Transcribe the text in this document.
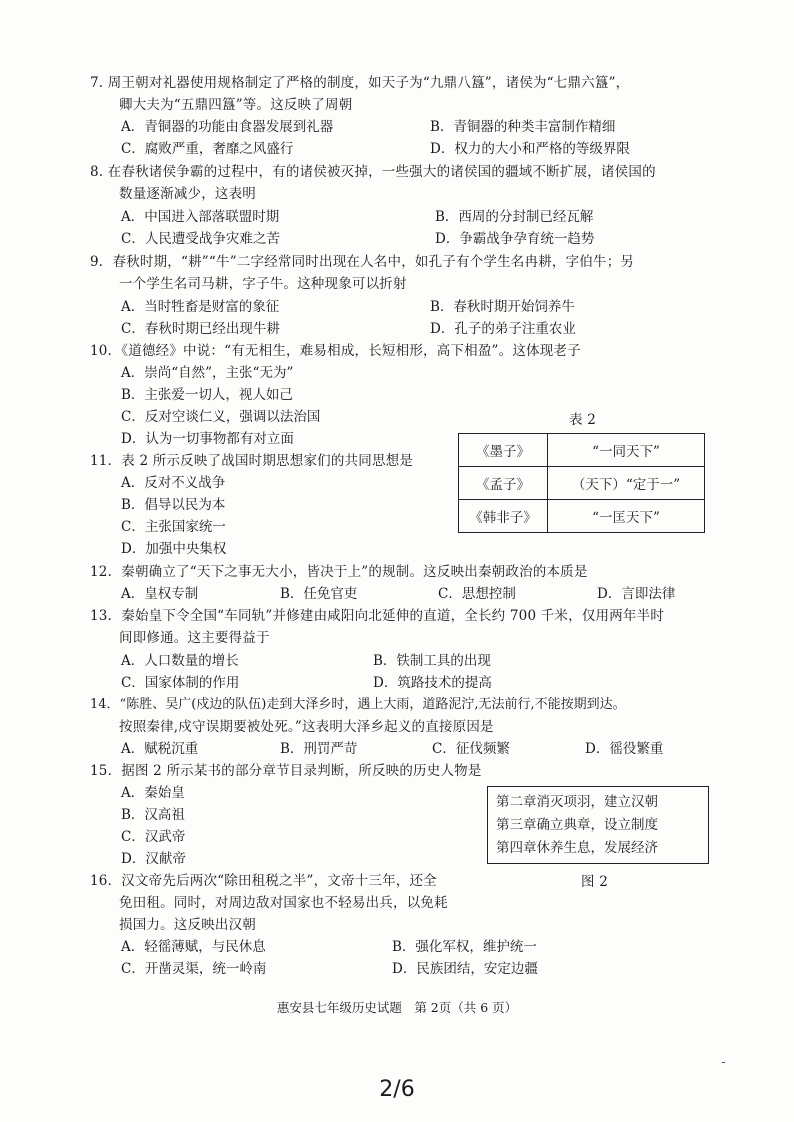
7. 周王朝对礼器使用规格制定了严格的制度，如天子为“九鼎八簋”，诸侯为“七鼎六簋”，
卿大夫为“五鼎四簋”等。这反映了周朝
A．青铜器的功能由食器发展到礼器	B．青铜器的种类丰富制作精细
C．腐败严重，奢靡之风盛行	D．权力的大小和严格的等级界限
8. 在春秋诸侯争霸的过程中，有的诸侯被灭掉，一些强大的诸侯国的疆域不断扩展，诸侯国的
数量逐渐减少，这表明
A．中国进入部落联盟时期	B．西周的分封制已经瓦解
C．人民遭受战争灾难之苦	D．争霸战争孕育统一趋势
9．春秋时期，“耕”“牛”二字经常同时出现在人名中，如孔子有个学生名冉耕，字伯牛；另
一个学生名司马耕，字子牛。这种现象可以折射
A．当时牲畜是财富的象征	B．春秋时期开始饲养牛
C．春秋时期已经出现牛耕	D．孔子的弟子注重农业
10．《道德经》中说：“有无相生，难易相成，长短相形，高下相盈”。这体现老子
A．崇尚“自然”，主张“无为”
B．主张爱一切人，视人如己
C．反对空谈仁义，强调以法治国
D．认为一切事物都有对立面
表 2
《墨子》	“一同天下”
《孟子》	（天下）“定于一”
《韩非子》	“一匡天下”
11．表 2 所示反映了战国时期思想家们的共同思想是
A．反对不义战争
B．倡导以民为本
C．主张国家统一
D．加强中央集权
12．秦朝确立了“天下之事无大小，皆决于上”的规制。这反映出秦朝政治的本质是
A．皇权专制	B．任免官吏	C．思想控制	D．言即法律
13．秦始皇下令全国“车同轨”并修建由咸阳向北延伸的直道，全长约 700 千米，仅用两年半时
间即修通。这主要得益于
A．人口数量的增长	B．铁制工具的出现
C．国家体制的作用	D．筑路技术的提高
14．“陈胜、吴广(戍边的队伍)走到大泽乡时，遇上大雨，道路泥泞,无法前行,不能按期到达。
按照秦律,戍守误期要被处死。”这表明大泽乡起义的直接原因是
A．赋税沉重	B．刑罚严苛	C．征伐频繁	D．徭役繁重
15．据图 2 所示某书的部分章节目录判断，所反映的历史人物是
A．秦始皇
B．汉高祖
C．汉武帝
D．汉献帝
第二章消灭项羽，建立汉朝
第三章确立典章，设立制度
第四章休养生息，发展经济
图 2
16．汉文帝先后两次“除田租税之半”，文帝十三年，还全
免田租。同时，对周边敌对国家也不轻易出兵，以免耗
损国力。这反映出汉朝
A．轻徭薄赋，与民休息	B．强化军权，维护统一
C．开凿灵渠，统一岭南	D．民族团结，安定边疆
惠安县七年级历史试题　第 2页（共 6 页）
2/6
